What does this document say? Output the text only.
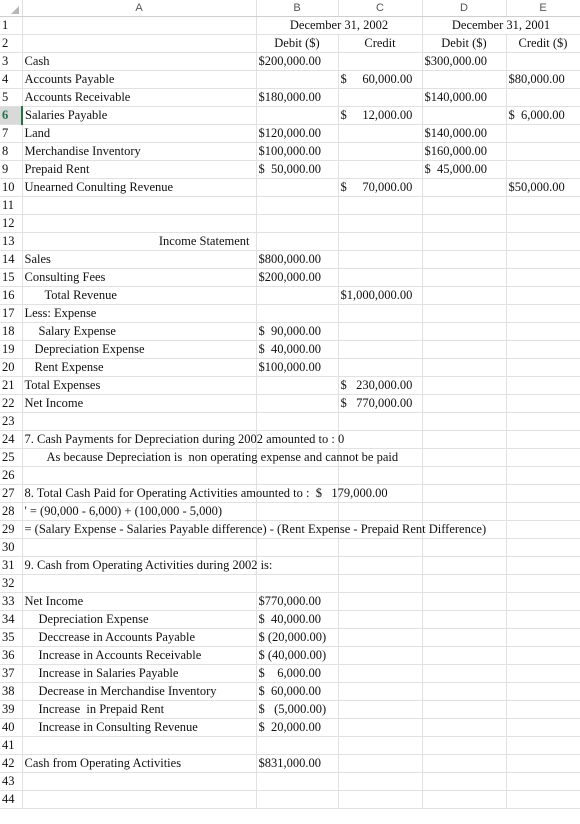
	A	B	C	D	E
1		December 31, 2002		December 31, 2001	
2		Debit ($)	Credit	Debit ($)	Credit ($)
3	Cash	$200,000.00		$300,000.00	
4	Accounts Payable		$     60,000.00		$80,000.00
5	Accounts Receivable	$180,000.00		$140,000.00	
6	Salaries Payable		$     12,000.00		$  6,000.00
7	Land	$120,000.00		$140,000.00	
8	Merchandise Inventory	$100,000.00		$160,000.00	
9	Prepaid Rent	$  50,000.00		$  45,000.00	
10	Unearned Conulting Revenue		$     70,000.00		$50,000.00
11					
12					
13	Income Statement				
14	Sales	$800,000.00			
15	Consulting Fees	$200,000.00			
16	Total Revenue		$1,000,000.00		
17	Less: Expense				
18	Salary Expense	$  90,000.00			
19	Depreciation Expense	$  40,000.00			
20	Rent Expense	$100,000.00			
21	Total Expenses		$   230,000.00		
22	Net Income		$   770,000.00		
23					
24	7. Cash Payments for Depreciation during 2002 amounted to : 0				
25	As because Depreciation is  non operating expense and cannot be paid				
26					
27	8. Total Cash Paid for Operating Activities amounted to :  $   179,000.00				
28	' = (90,000 - 6,000) + (100,000 - 5,000)				
29	= (Salary Expense - Salaries Payable difference) - (Rent Expense - Prepaid Rent Difference)				
30					
31	9. Cash from Operating Activities during 2002 is:				
32					
33	Net Income	$770,000.00			
34	Depreciation Expense	$  40,000.00			
35	Deccrease in Accounts Payable	$ (20,000.00)			
36	Increase in Accounts Receivable	$ (40,000.00)			
37	Increase in Salaries Payable	$    6,000.00			
38	Decrease in Merchandise Inventory	$  60,000.00			
39	Increase  in Prepaid Rent	$   (5,000.00)			
40	Increase in Consulting Revenue	$  20,000.00			
41					
42	Cash from Operating Activities	$831,000.00			
43					
44					
